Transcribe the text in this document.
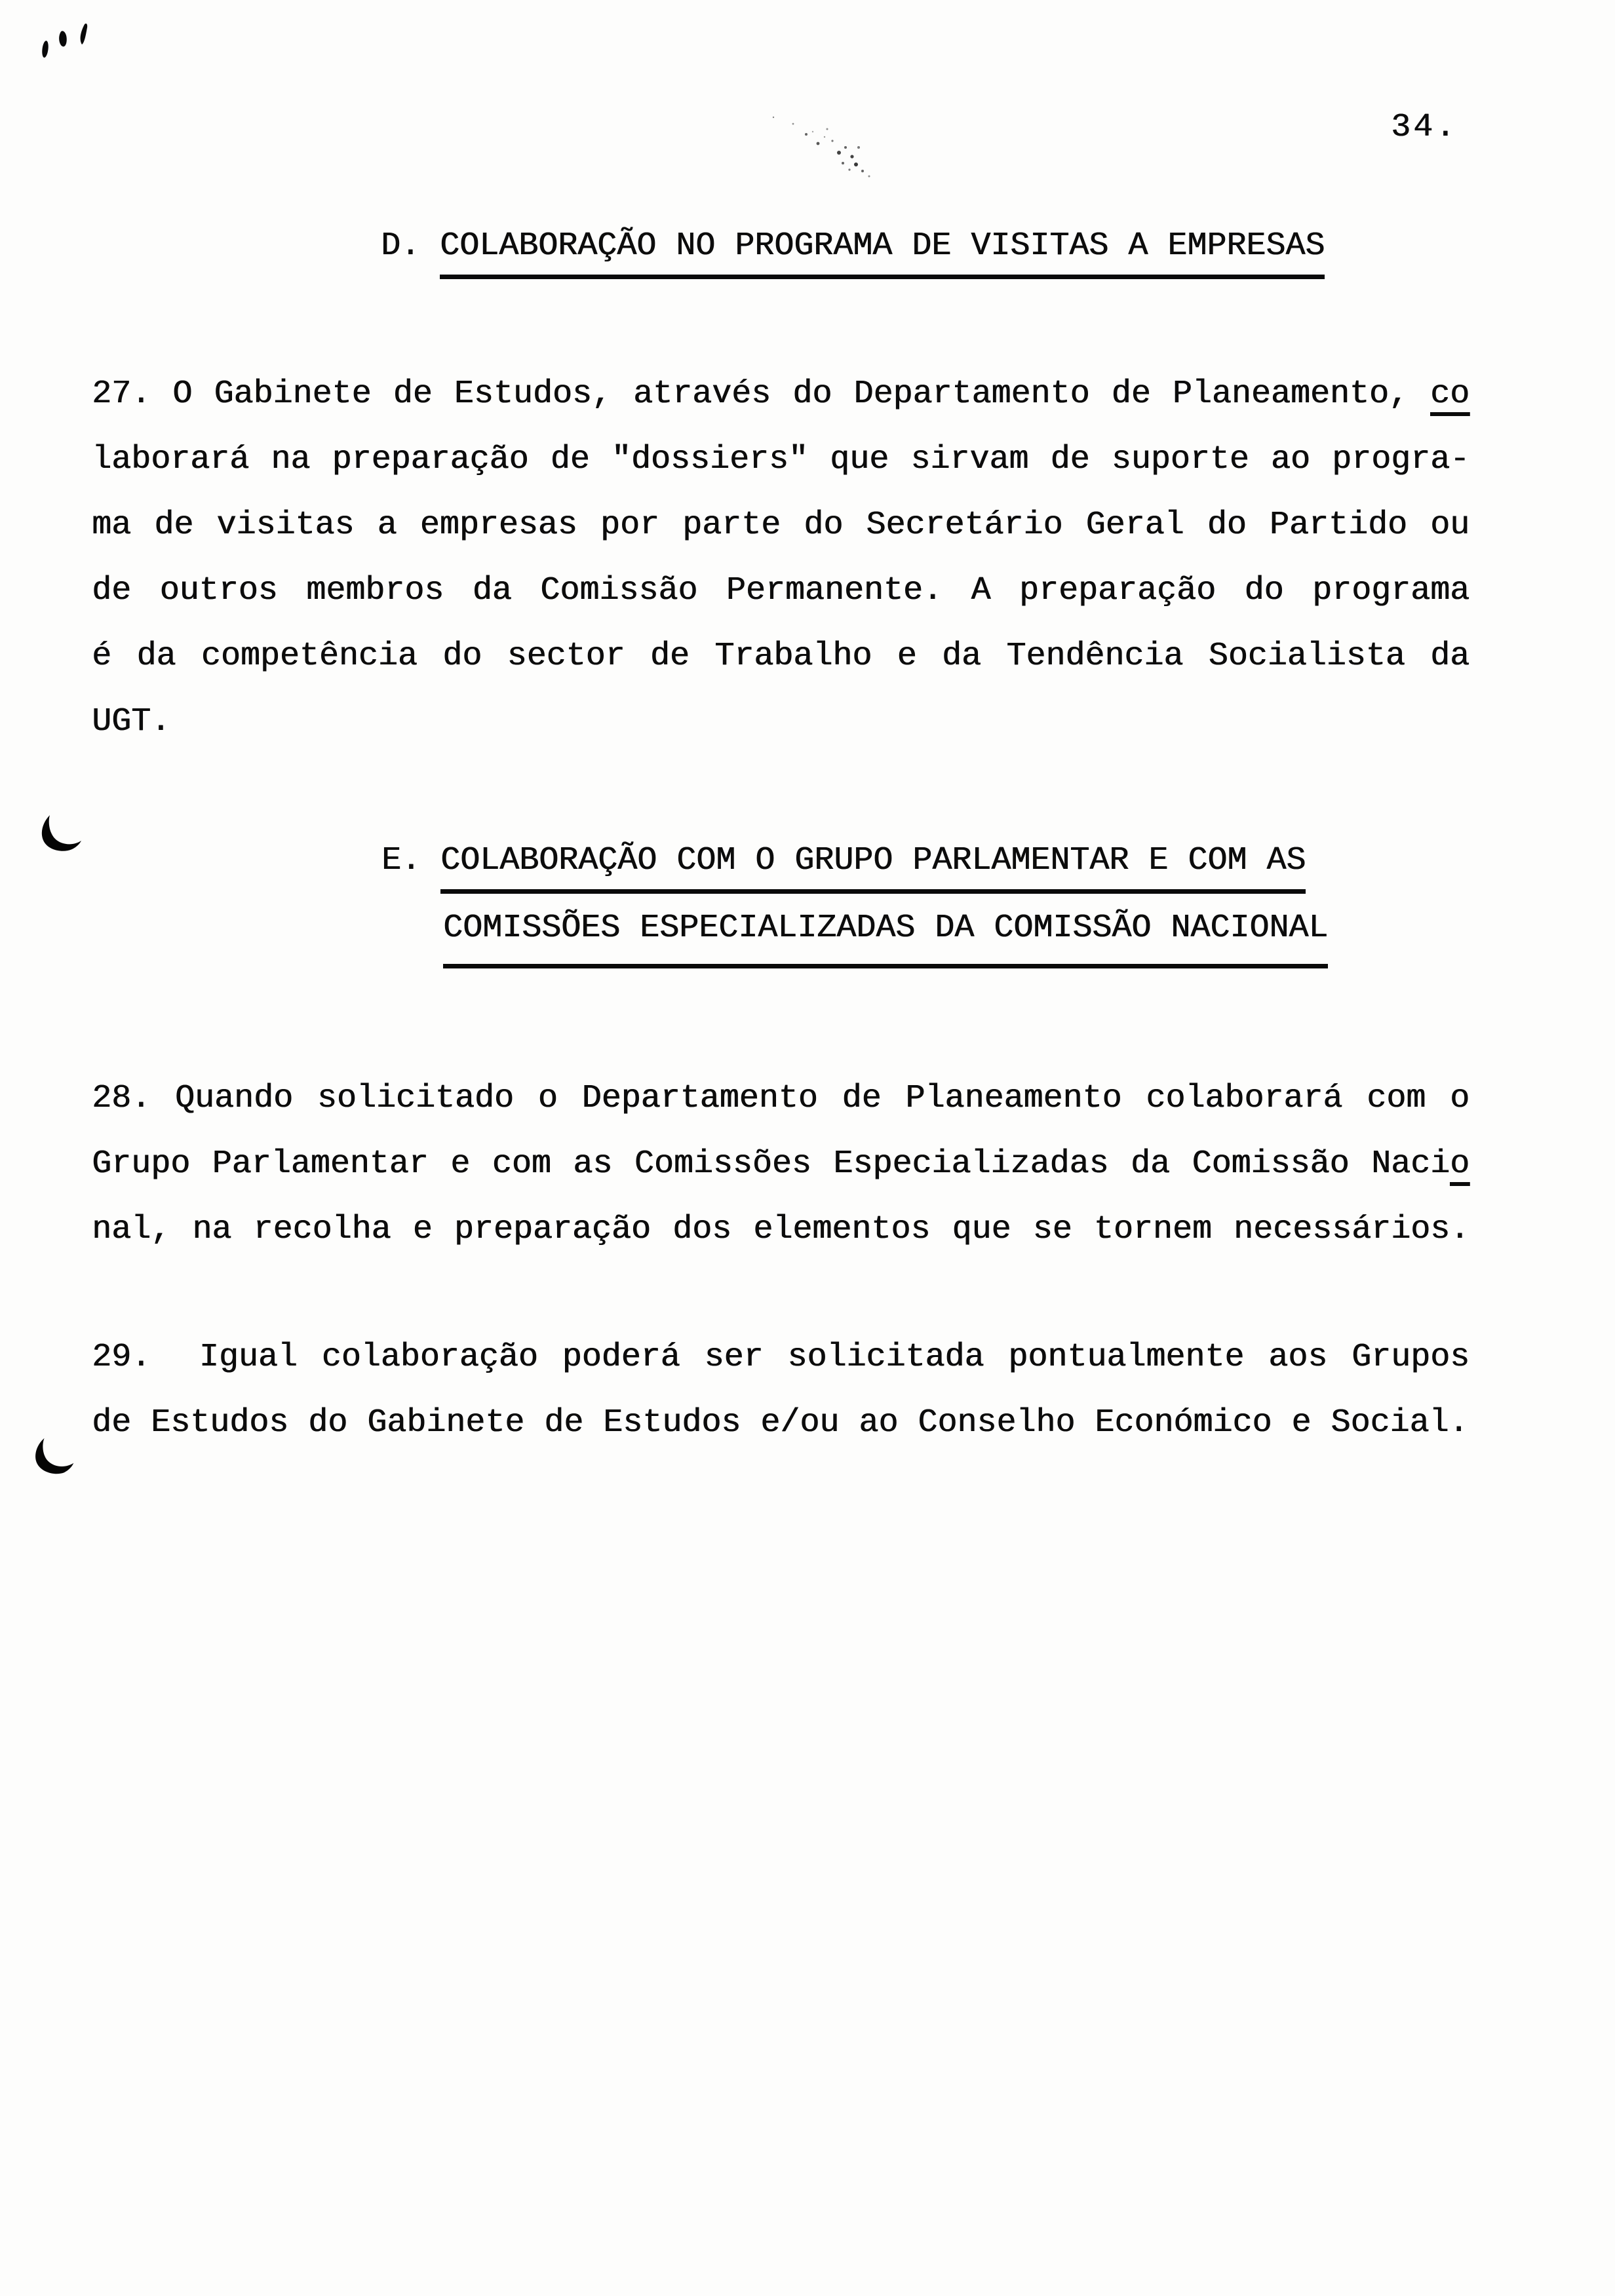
34.
D. COLABORAÇÃO NO PROGRAMA DE VISITAS A EMPRESAS
27. O Gabinete de Estudos, através do Departamento de Planeamento, co
laborará na preparação de "dossiers" que sirvam de suporte ao progra-
ma de visitas a empresas por parte do Secretário Geral do Partido ou
de outros membros da Comissão Permanente. A preparação do programa
é da competência do sector de Trabalho e da Tendência Socialista da
UGT.
E. COLABORAÇÃO COM O GRUPO PARLAMENTAR E COM AS
COMISSÕES ESPECIALIZADAS DA COMISSÃO NACIONAL
28. Quando solicitado o Departamento de Planeamento colaborará com o
Grupo Parlamentar e com as Comissões Especializadas da Comissão Nacio
nal, na recolha e preparação dos elementos que se tornem necessários.
29.  Igual colaboração poderá ser solicitada pontualmente aos Grupos
de Estudos do Gabinete de Estudos e/ou ao Conselho Económico e Social.
